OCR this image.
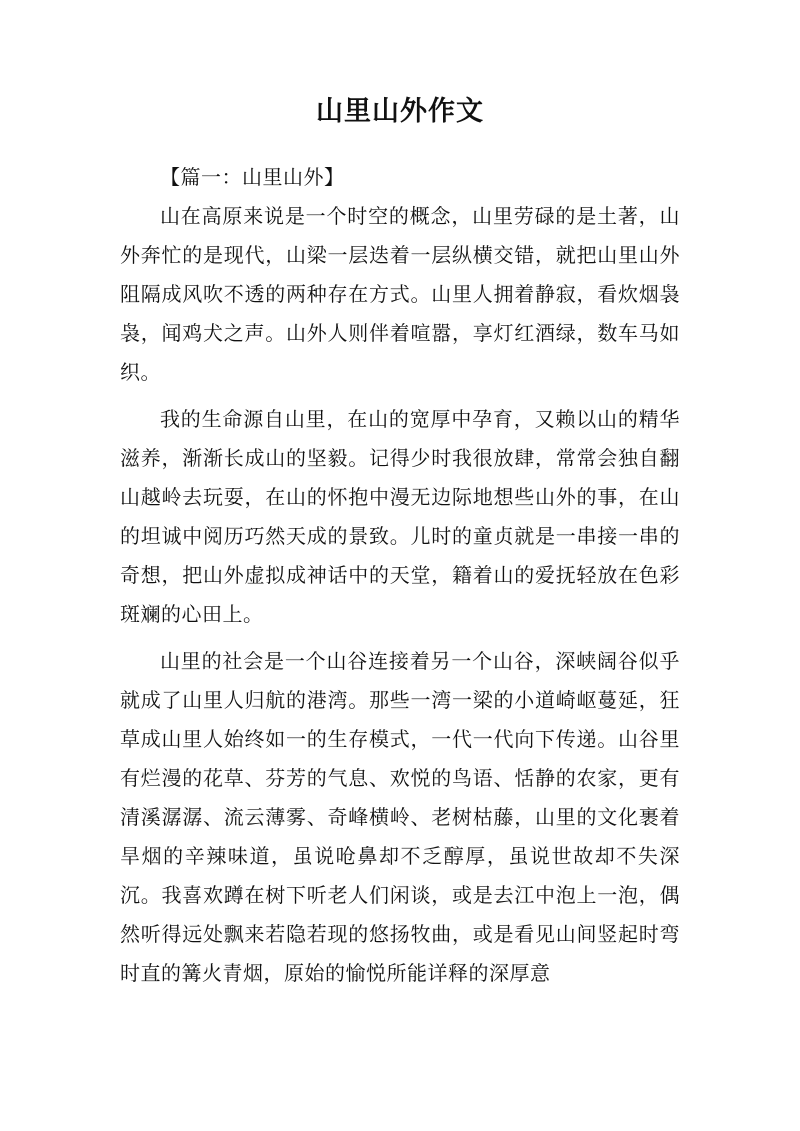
山里山外作文

【篇一：山里山外】

山在高原来说是一个时空的概念，山里劳碌的是土著，山外奔忙的是现代，山梁一层迭着一层纵横交错，就把山里山外阻隔成风吹不透的两种存在方式。山里人拥着静寂，看炊烟袅袅，闻鸡犬之声。山外人则伴着喧嚣，享灯红酒绿，数车马如织。

我的生命源自山里，在山的宽厚中孕育，又赖以山的精华滋养，渐渐长成山的坚毅。记得少时我很放肆，常常会独自翻山越岭去玩耍，在山的怀抱中漫无边际地想些山外的事，在山的坦诚中阅历巧然天成的景致。儿时的童贞就是一串接一串的奇想，把山外虚拟成神话中的天堂，籍着山的爱抚轻放在色彩斑斓的心田上。

山里的社会是一个山谷连接着另一个山谷，深峡阔谷似乎就成了山里人归航的港湾。那些一湾一梁的小道崎岖蔓延，狂草成山里人始终如一的生存模式，一代一代向下传递。山谷里有烂漫的花草、芬芳的气息、欢悦的鸟语、恬静的农家，更有清溪潺潺、流云薄雾、奇峰横岭、老树枯藤，山里的文化裹着旱烟的辛辣味道，虽说呛鼻却不乏醇厚，虽说世故却不失深沉。我喜欢蹲在树下听老人们闲谈，或是去江中泡上一泡，偶然听得远处飘来若隐若现的悠扬牧曲，或是看见山间竖起时弯时直的篝火青烟，原始的愉悦所能详释的深厚意
